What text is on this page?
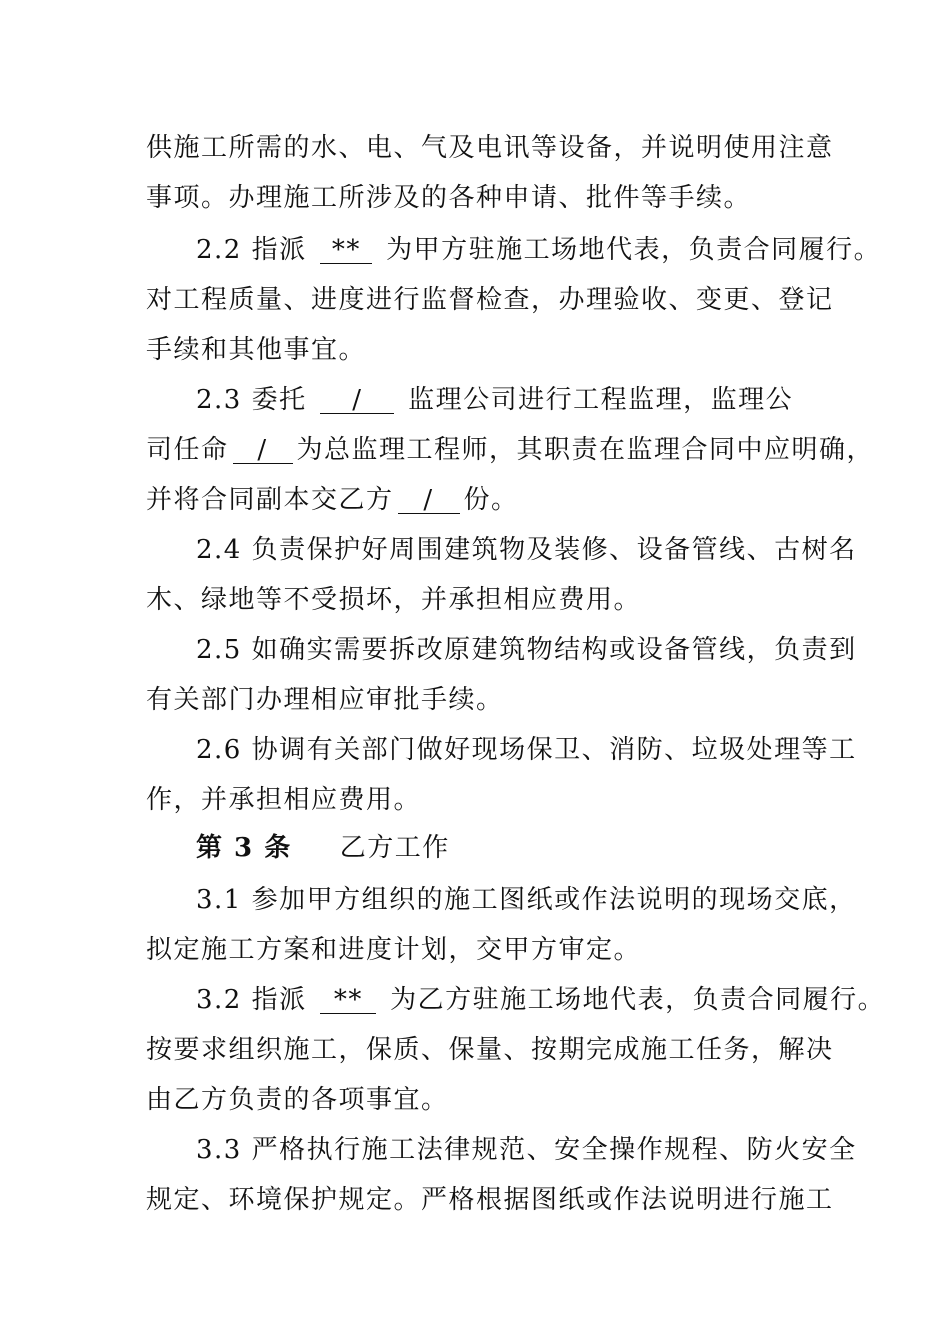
供施工所需的水、电、气及电讯等设备，并说明使用注意
事项。办理施工所涉及的各种申请、批件等手续。
2.2 指派 ** 为甲方驻施工场地代表，负责合同履行。
对工程质量、进度进行监督检查，办理验收、变更、登记
手续和其他事宜。
2.3 委托 / 监理公司进行工程监理，监理公
司任命 / 为总监理工程师，其职责在监理合同中应明确，
并将合同副本交乙方 / 份。
2.4 负责保护好周围建筑物及装修、设备管线、古树名
木、绿地等不受损坏，并承担相应费用。
2.5 如确实需要拆改原建筑物结构或设备管线，负责到
有关部门办理相应审批手续。
2.6 协调有关部门做好现场保卫、消防、垃圾处理等工
作，并承担相应费用。
第 3 条 乙方工作
3.1 参加甲方组织的施工图纸或作法说明的现场交底，
拟定施工方案和进度计划，交甲方审定。
3.2 指派 ** 为乙方驻施工场地代表，负责合同履行。
按要求组织施工，保质、保量、按期完成施工任务，解决
由乙方负责的各项事宜。
3.3 严格执行施工法律规范、安全操作规程、防火安全
规定、环境保护规定。严格根据图纸或作法说明进行施工
